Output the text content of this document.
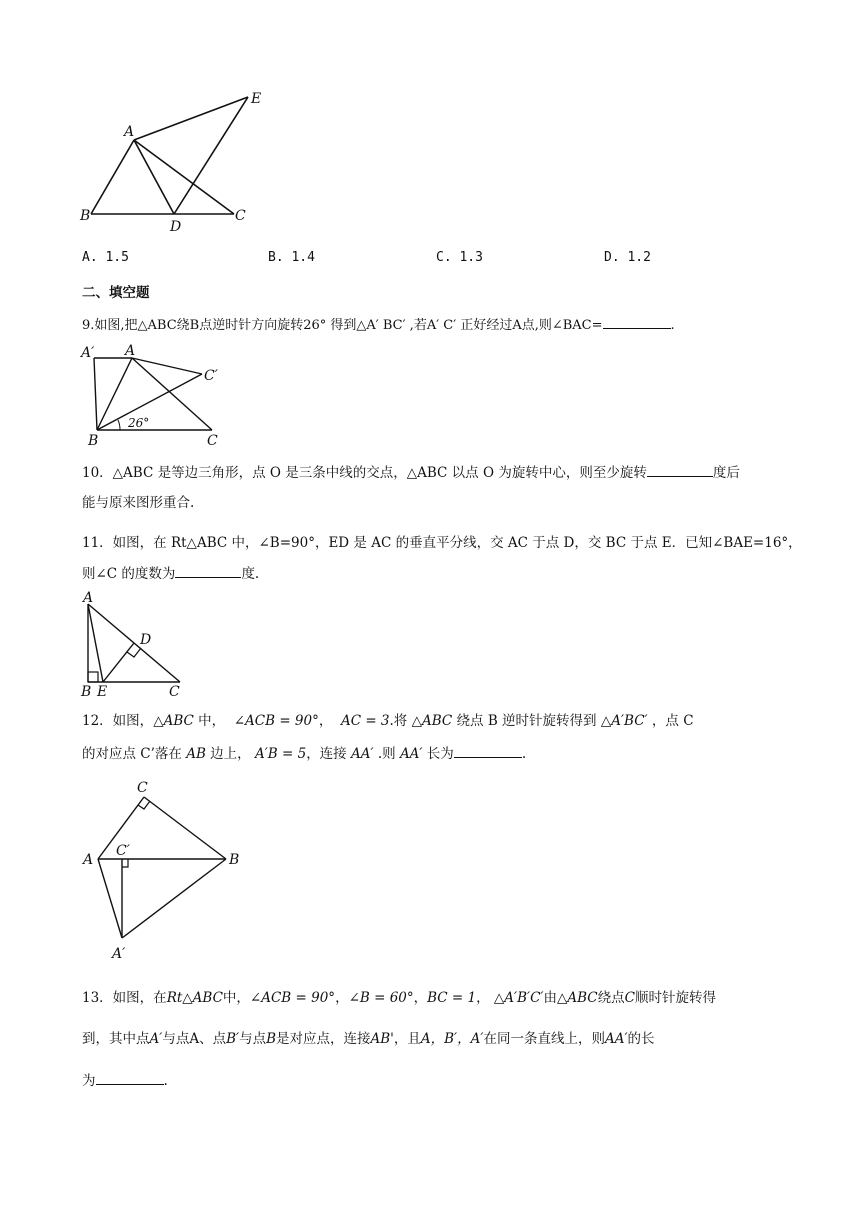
A
E
B
D
C
A. 1.5	B. 1.4	C. 1.3	D. 1.2
二、填空题
9.如图,把△ABC绕B点逆时针方向旋转26° 得到△A′ BC′ ,若A′ C′ 正好经过A点,则∠BAC=	.
A′ A
C′
B	C
26°
10．△ABC 是等边三角形，点 O 是三条中线的交点，△ABC 以点 O 为旋转中心，则至少旋转	度后
能与原来图形重合.
11．如图，在 Rt△ABC 中，∠B=90°，ED 是 AC 的垂直平分线，交 AC 于点 D，交 BC 于点 E．已知∠BAE=16°，
则∠C 的度数为	度.
A
D
B E	C
12．如图，△ABC 中， ∠ACB = 90°， AC = 3.将 △ABC 绕点 B 逆时针旋转得到 △A′BC′ ，点 C
的对应点 C’落在 AB 边上， A′B = 5，连接 AA′ .则 AA′ 长为	.
C
C′
A	B
A′
13．如图，在Rt△ABC中，∠ACB = 90°，∠B = 60°，BC = 1， △A′B′C′由△ABC绕点C顺时针旋转得
到，其中点A′与点A、点B′与点B是对应点，连接AB'，且A，B′，A′在同一条直线上，则AA′的长
为	.
